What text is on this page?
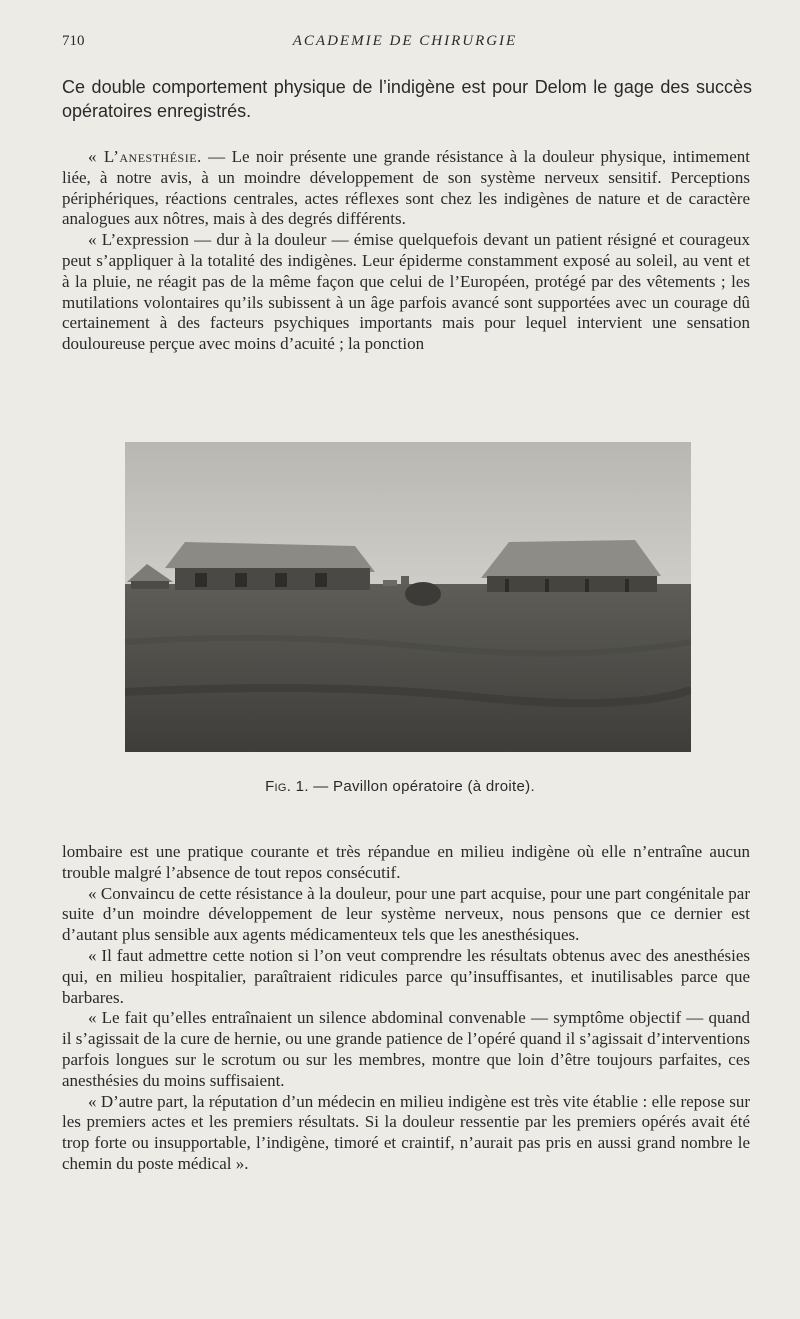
710	ACADEMIE DE CHIRURGIE

Ce double comportement physique de l’indigène est pour Delom le gage des succès opératoires enregistrés.

« L’anesthésie. — Le noir présente une grande résistance à la douleur physique, intimement liée, à notre avis, à un moindre développement de son système nerveux sensitif. Perceptions périphériques, réactions centrales, actes réflexes sont chez les indigènes de nature et de caractère analogues aux nôtres, mais à des degrés différents.

« L’expression — dur à la douleur — émise quelquefois devant un patient résigné et courageux peut s’appliquer à la totalité des indigènes. Leur épiderme constamment exposé au soleil, au vent et à la pluie, ne réagit pas de la même façon que celui de l’Européen, protégé par des vêtements ; les mutilations volontaires qu’ils subissent à un âge parfois avancé sont supportées avec un courage dû certainement à des facteurs psychiques importants mais pour lequel intervient une sensation douloureuse perçue avec moins d’acuité ; la ponction

Fig. 1. — Pavillon opératoire (à droite).

lombaire est une pratique courante et très répandue en milieu indigène où elle n’entraîne aucun trouble malgré l’absence de tout repos consécutif.

« Convaincu de cette résistance à la douleur, pour une part acquise, pour une part congénitale par suite d’un moindre développement de leur système nerveux, nous pensons que ce dernier est d’autant plus sensible aux agents médicamenteux tels que les anesthésiques.

« Il faut admettre cette notion si l’on veut comprendre les résultats obtenus avec des anesthésies qui, en milieu hospitalier, paraîtraient ridicules parce qu’insuffisantes, et inutilisables parce que barbares.

« Le fait qu’elles entraînaient un silence abdominal convenable — symptôme objectif — quand il s’agissait de la cure de hernie, ou une grande patience de l’opéré quand il s’agissait d’interventions parfois longues sur le scrotum ou sur les membres, montre que loin d’être toujours parfaites, ces anesthésies du moins suffisaient.

« D’autre part, la réputation d’un médecin en milieu indigène est très vite établie : elle repose sur les premiers actes et les premiers résultats. Si la douleur ressentie par les premiers opérés avait été trop forte ou insupportable, l’indigène, timoré et craintif, n’aurait pas pris en aussi grand nombre le chemin du poste médical ».
